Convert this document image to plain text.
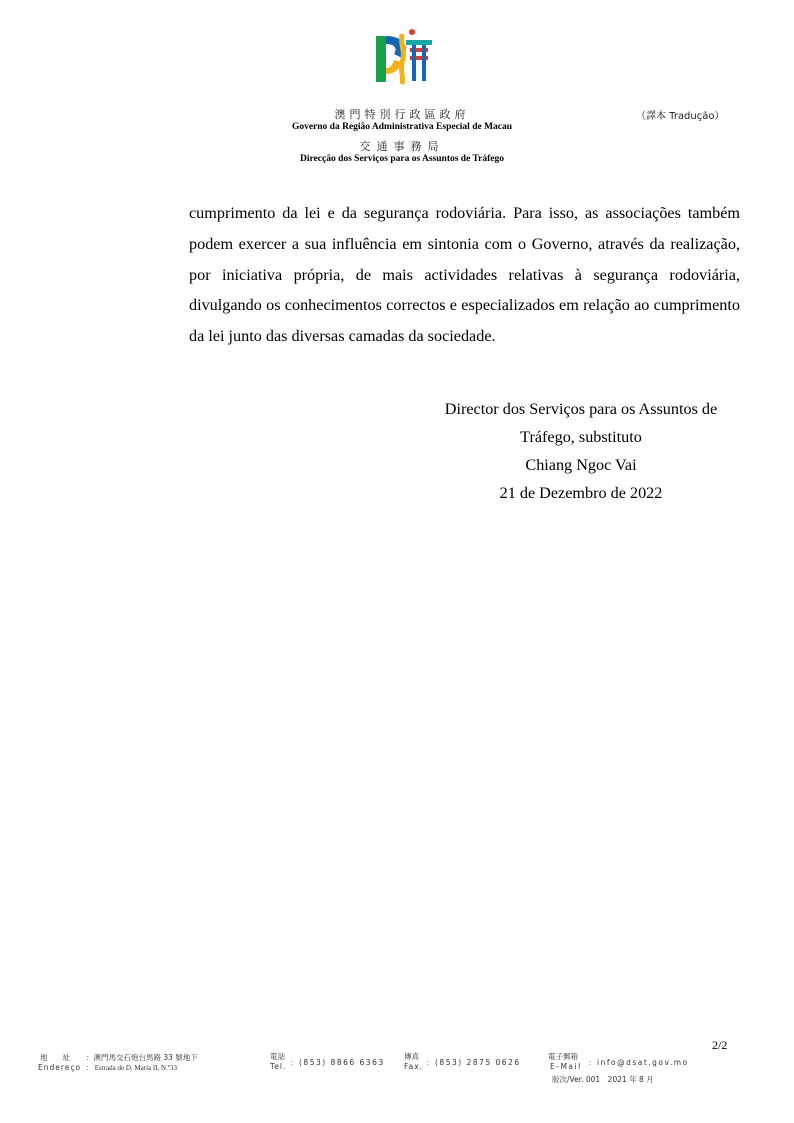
澳門特別行政區政府
Governo da Região Administrativa Especial de Macau
交通事務局
Direcção dos Serviços para os Assuntos de Tráfego
（譯本 Tradução）

cumprimento da lei e da segurança rodoviária. Para isso, as associações também podem exercer a sua influência em sintonia com o Governo, através da realização, por iniciativa própria, de mais actividades relativas à segurança rodoviária, divulgando os conhecimentos correctos e especializados em relação ao cumprimento da lei junto das diversas camadas da sociedade.

Director dos Serviços para os Assuntos de
Tráfego, substituto
Chiang Ngoc Vai
21 de Dezembro de 2022
2/2
地　　址 ：澳門馬交石炮台馬路 33 號地下
Endereço ： Estrada de D. Maria II, N.º33
電話
Tel. ：(853) 8866 6363
傳真
Fax. ：(853) 2875 0626
電子郵箱
E-Mail ：info@dsat.gov.mo
版次/Ver. 001　2021 年 8 月
